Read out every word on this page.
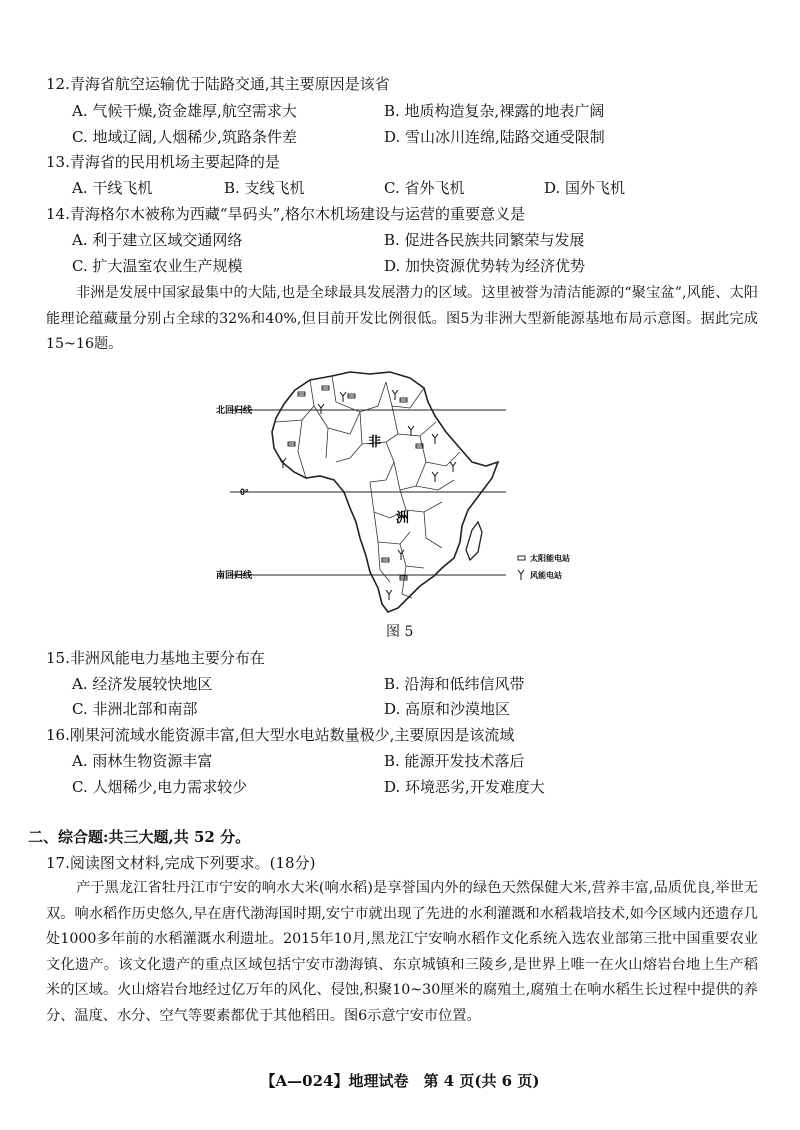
12.青海省航空运输优于陆路交通,其主要原因是该省
A. 气候干燥,资金雄厚,航空需求大	B. 地质构造复杂,裸露的地表广阔
C. 地域辽阔,人烟稀少,筑路条件差	D. 雪山冰川连绵,陆路交通受限制
13.青海省的民用机场主要起降的是
A. 干线飞机	B. 支线飞机	C. 省外飞机	D. 国外飞机
14.青海格尔木被称为西藏“旱码头”,格尔木机场建设与运营的重要意义是
A. 利于建立区域交通网络	B. 促进各民族共同繁荣与发展
C. 扩大温室农业生产规模	D. 加快资源优势转为经济优势
非洲是发展中国家最集中的大陆,也是全球最具发展潜力的区域。这里被誉为清洁能源的“聚宝盆”,风能、太阳能理论蕴藏量分别占全球的32%和40%,但目前开发比例很低。图5为非洲大型新能源基地布局示意图。据此完成15~16题。
北回归线
0°
南回归线
非
洲
太阳能电站
风能电站
图 5
15.非洲风能电力基地主要分布在
A. 经济发展较快地区	B. 沿海和低纬信风带
C. 非洲北部和南部	D. 高原和沙漠地区
16.刚果河流域水能资源丰富,但大型水电站数量极少,主要原因是该流域
A. 雨林生物资源丰富	B. 能源开发技术落后
C. 人烟稀少,电力需求较少	D. 环境恶劣,开发难度大
二、综合题:共三大题,共 52 分。
17.阅读图文材料,完成下列要求。(18分)
产于黑龙江省牡丹江市宁安的响水大米(响水稻)是享誉国内外的绿色天然保健大米,营养丰富,品质优良,举世无双。响水稻作历史悠久,早在唐代渤海国时期,安宁市就出现了先进的水利灌溉和水稻栽培技术,如今区域内还遗存几处1000多年前的水稻灌溉水利遗址。2015年10月,黑龙江宁安响水稻作文化系统入选农业部第三批中国重要农业文化遗产。该文化遗产的重点区域包括宁安市渤海镇、东京城镇和三陵乡,是世界上唯一在火山熔岩台地上生产稻米的区域。火山熔岩台地经过亿万年的风化、侵蚀,积聚10~30厘米的腐殖土,腐殖土在响水稻生长过程中提供的养分、温度、水分、空气等要素都优于其他稻田。图6示意宁安市位置。
【A—024】地理试卷　第 4 页(共 6 页)
